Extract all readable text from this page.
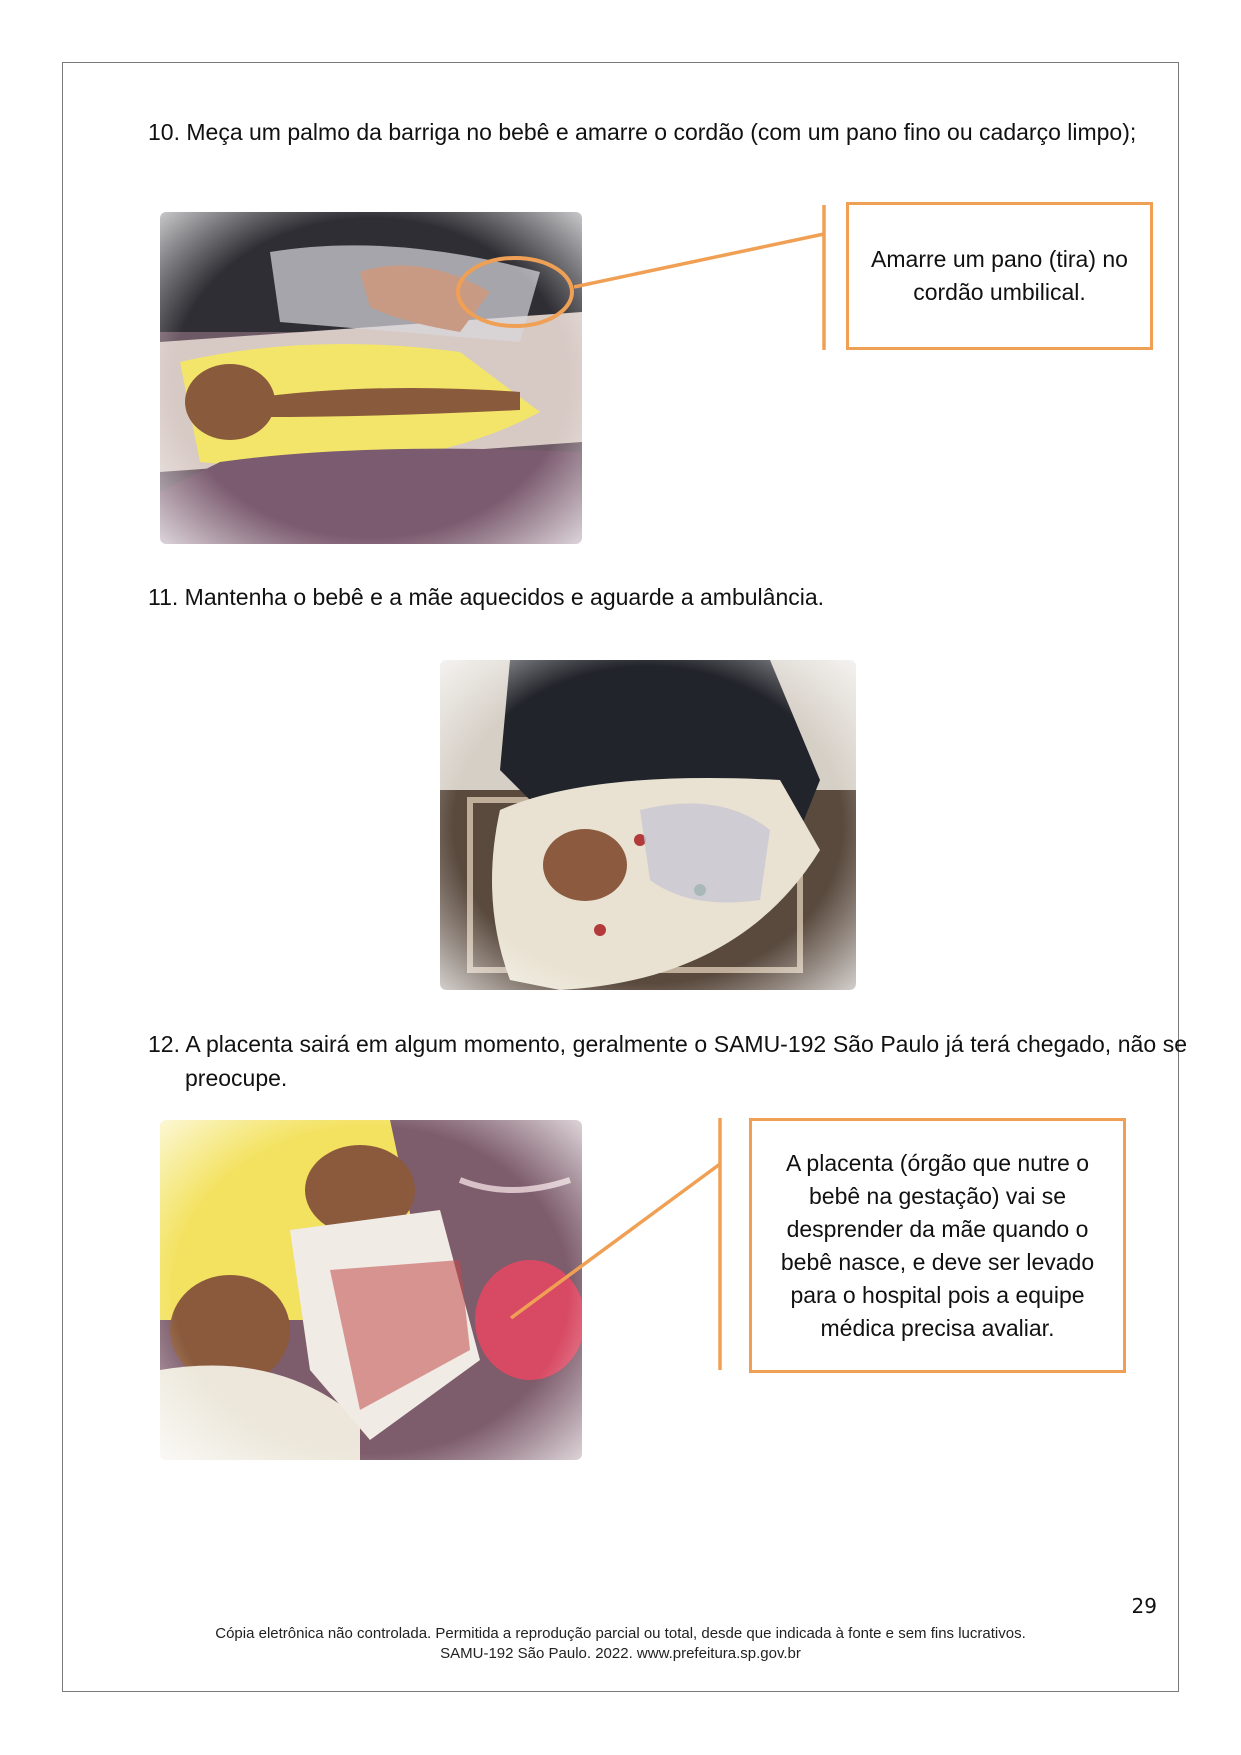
10. Meça um palmo da barriga no bebê e amarre o cordão (com um pano fino ou cadarço limpo);
Amarre um pano (tira) no cordão umbilical.
11. Mantenha o bebê e a mãe aquecidos e aguarde a ambulância.
12. A placenta sairá em algum momento, geralmente o SAMU-192 São Paulo já terá chegado, não se preocupe.
A placenta (órgão que nutre o bebê na gestação) vai se desprender da mãe quando o bebê nasce, e deve ser levado para o hospital pois a equipe médica precisa avaliar.
29
Cópia eletrônica não controlada. Permitida a reprodução parcial ou total, desde que indicada à fonte e sem fins lucrativos.
SAMU-192 São Paulo. 2022. www.prefeitura.sp.gov.br
